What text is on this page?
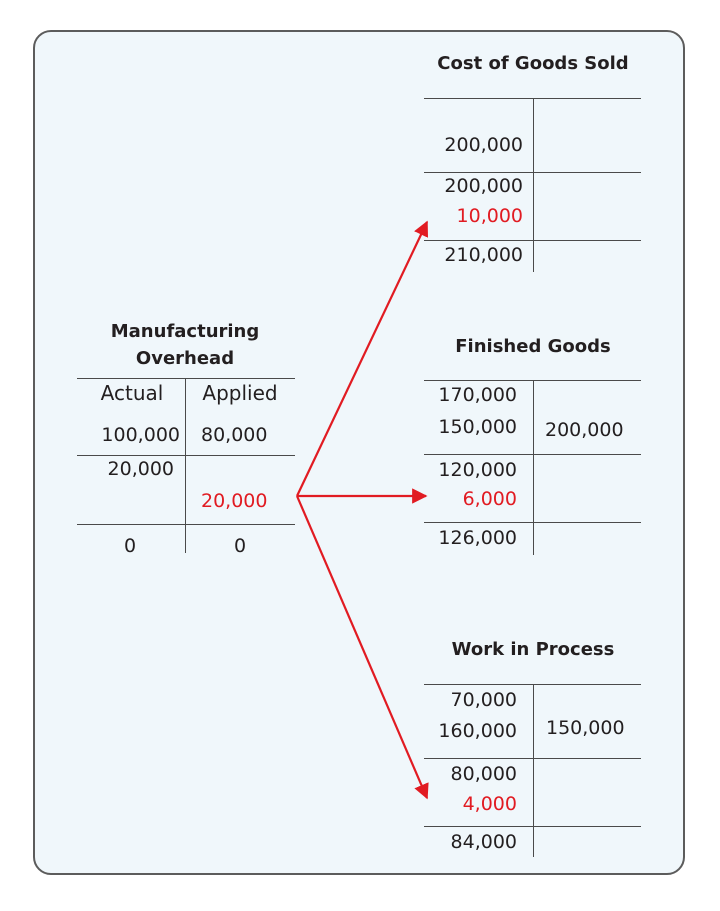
Manufacturing
Overhead
Actual	Applied
100,000 80,000
20,000
20,000
0	0
Cost of Goods Sold
200,000
200,000
10,000
210,000
Finished Goods
170,000
150,000 200,000
120,000
6,000
126,000
Work in Process
70,000
160,000 150,000
80,000
4,000
84,000
